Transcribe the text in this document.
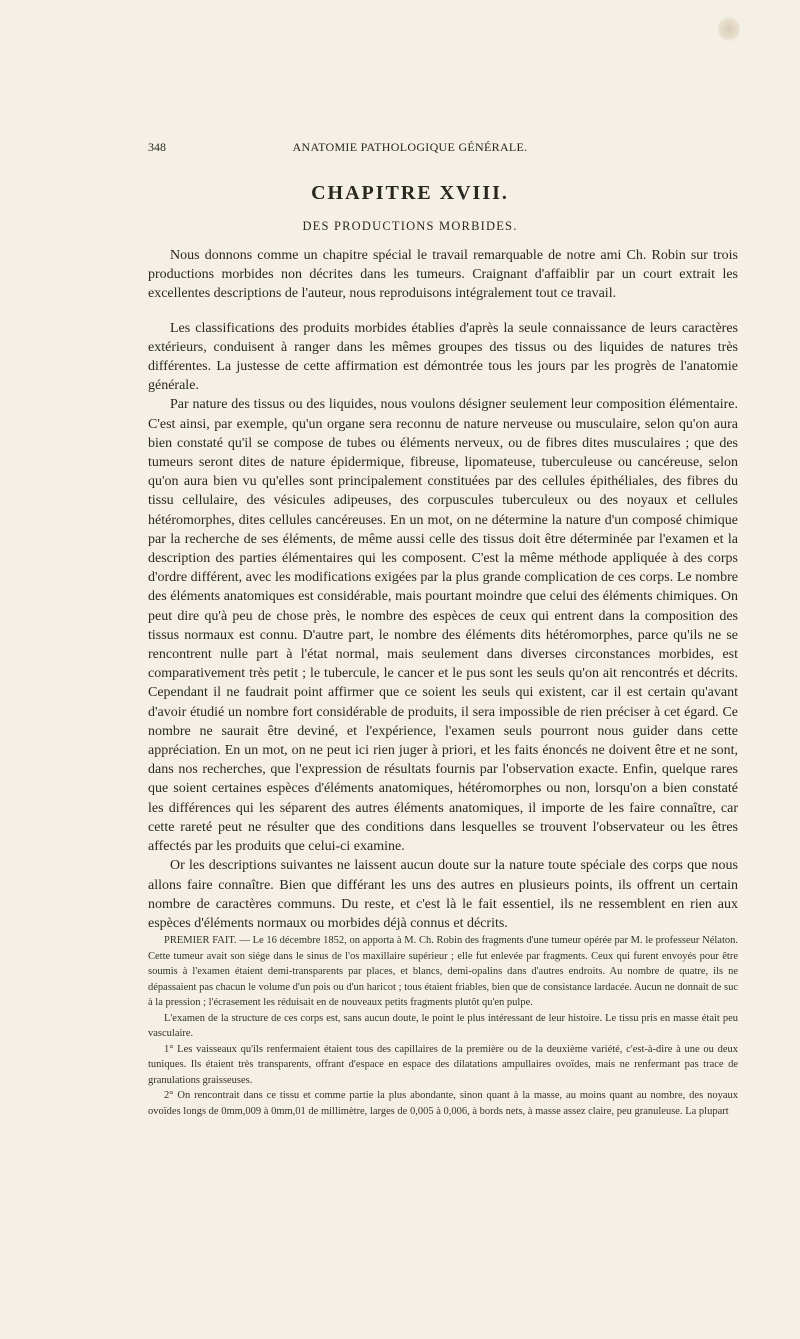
348	ANATOMIE PATHOLOGIQUE GÉNÉRALE.
CHAPITRE XVIII.
DES PRODUCTIONS MORBIDES.

Nous donnons comme un chapitre spécial le travail remarquable de notre ami Ch. Robin sur trois productions morbides non décrites dans les tumeurs. Craignant d'affaiblir par un court extrait les excellentes descriptions de l'auteur, nous reproduisons intégralement tout ce travail.

Les classifications des produits morbides établies d'après la seule connaissance de leurs caractères extérieurs, conduisent à ranger dans les mêmes groupes des tissus ou des liquides de natures très différentes. La justesse de cette affirmation est démontrée tous les jours par les progrès de l'anatomie générale.

Par nature des tissus ou des liquides, nous voulons désigner seulement leur composition élémentaire. C'est ainsi, par exemple, qu'un organe sera reconnu de nature nerveuse ou musculaire, selon qu'on aura bien constaté qu'il se compose de tubes ou éléments nerveux, ou de fibres dites musculaires ; que des tumeurs seront dites de nature épidermique, fibreuse, lipomateuse, tuberculeuse ou cancéreuse, selon qu'on aura bien vu qu'elles sont principalement constituées par des cellules épithéliales, des fibres du tissu cellulaire, des vésicules adipeuses, des corpuscules tuberculeux ou des noyaux et cellules hétéromorphes, dites cellules cancéreuses. En un mot, on ne détermine la nature d'un composé chimique par la recherche de ses éléments, de même aussi celle des tissus doit être déterminée par l'examen et la description des parties élémentaires qui les composent. C'est la même méthode appliquée à des corps d'ordre différent, avec les modifications exigées par la plus grande complication de ces corps. Le nombre des éléments anatomiques est considérable, mais pourtant moindre que celui des éléments chimiques. On peut dire qu'à peu de chose près, le nombre des espèces de ceux qui entrent dans la composition des tissus normaux est connu. D'autre part, le nombre des éléments dits hétéromorphes, parce qu'ils ne se rencontrent nulle part à l'état normal, mais seulement dans diverses circonstances morbides, est comparativement très petit ; le tubercule, le cancer et le pus sont les seuls qu'on ait rencontrés et décrits. Cependant il ne faudrait point affirmer que ce soient les seuls qui existent, car il est certain qu'avant d'avoir étudié un nombre fort considérable de produits, il sera impossible de rien préciser à cet égard. Ce nombre ne saurait être deviné, et l'expérience, l'examen seuls pourront nous guider dans cette appréciation. En un mot, on ne peut ici rien juger à priori, et les faits énoncés ne doivent être et ne sont, dans nos recherches, que l'expression de résultats fournis par l'observation exacte. Enfin, quelque rares que soient certaines espèces d'éléments anatomiques, hétéromorphes ou non, lorsqu'on a bien constaté les différences qui les séparent des autres éléments anatomiques, il importe de les faire connaître, car cette rareté peut ne résulter que des conditions dans lesquelles se trouvent l'observateur ou les êtres affectés par les produits que celui-ci examine.

Or les descriptions suivantes ne laissent aucun doute sur la nature toute spéciale des corps que nous allons faire connaître. Bien que différant les uns des autres en plusieurs points, ils offrent un certain nombre de caractères communs. Du reste, et c'est là le fait essentiel, ils ne ressemblent en rien aux espèces d'éléments normaux ou morbides déjà connus et décrits.

PREMIER FAIT. — Le 16 décembre 1852, on apporta à M. Ch. Robin des fragments d'une tumeur opérée par M. le professeur Nélaton. Cette tumeur avait son siége dans le sinus de l'os maxillaire supérieur ; elle fut enlevée par fragments. Ceux qui furent envoyés pour être soumis à l'examen étaient demi-transparents par places, et blancs, demi-opalins dans d'autres endroits. Au nombre de quatre, ils ne dépassaient pas chacun le volume d'un pois ou d'un haricot ; tous étaient friables, bien que de consistance lardacée. Aucun ne donnait de suc à la pression ; l'écrasement les réduisait en de nouveaux petits fragments plutôt qu'en pulpe.

L'examen de la structure de ces corps est, sans aucun doute, le point le plus intéressant de leur histoire. Le tissu pris en masse était peu vasculaire.

1° Les vaisseaux qu'ils renfermaient étaient tous des capillaires de la première ou de la deuxième variété, c'est-à-dire à une ou deux tuniques. Ils étaient très transparents, offrant d'espace en espace des dilatations ampullaires ovoïdes, mais ne renfermant pas trace de granulations graisseuses.

2° On rencontrait dans ce tissu et comme partie la plus abondante, sinon quant à la masse, au moins quant au nombre, des noyaux ovoïdes longs de 0mm,009 à 0mm,01 de millimètre, larges de 0,005 à 0,006, à bords nets, à masse assez claire, peu granuleuse. La plupart
